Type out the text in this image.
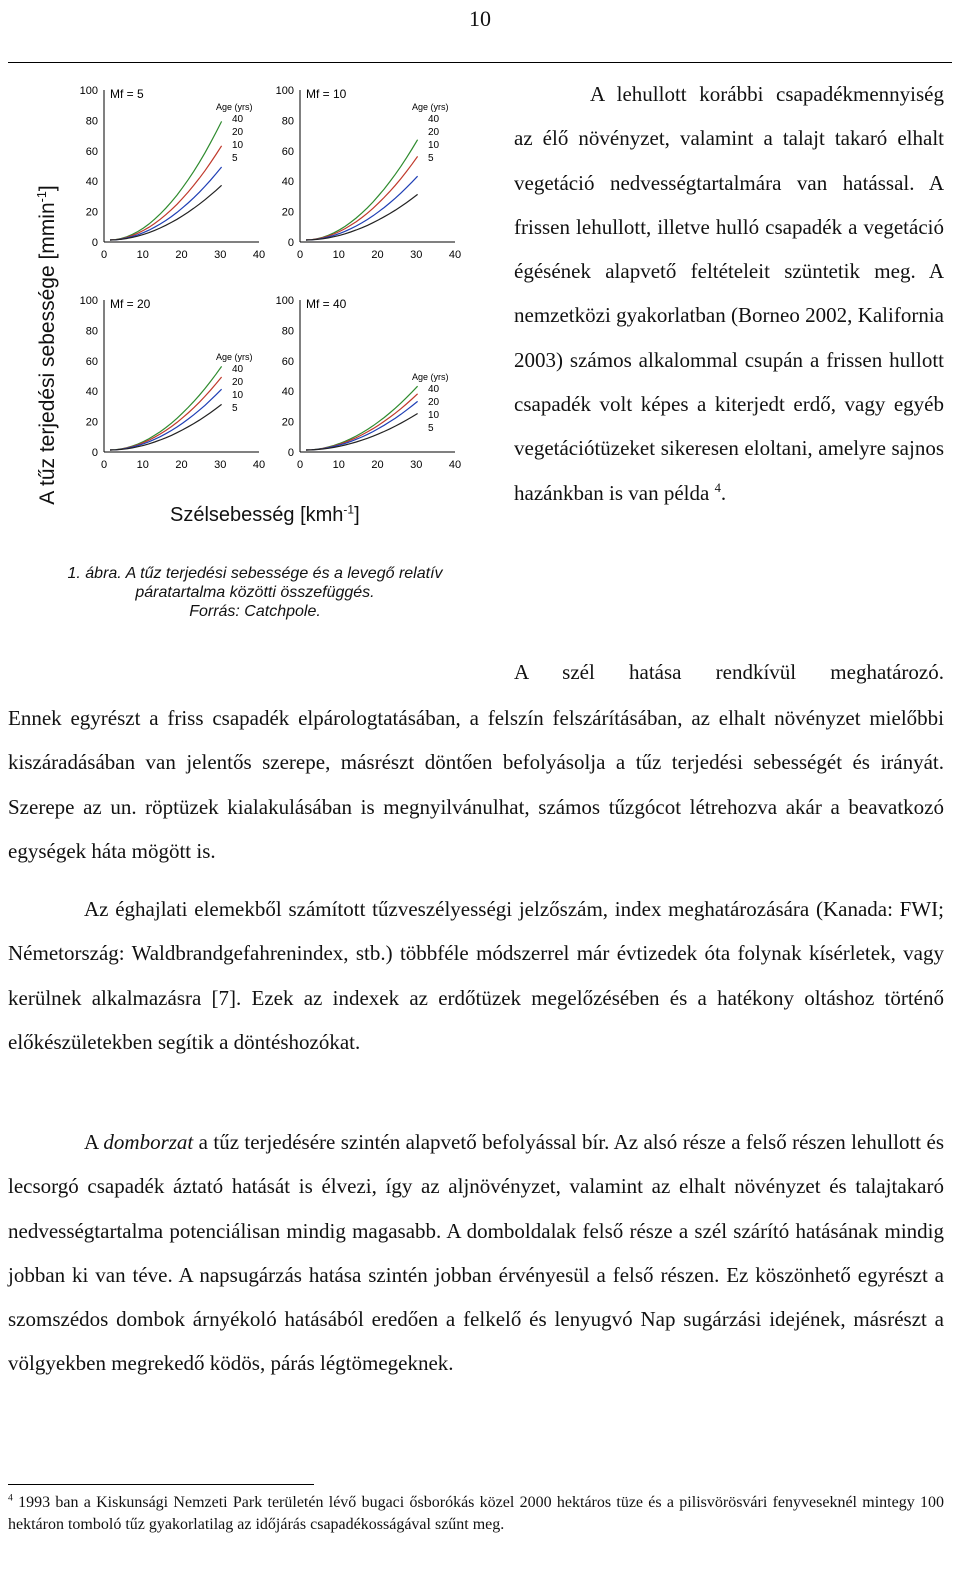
10
A tűz terjedési sebessége [mmin$^{-1}$]
100
80
60
40
20
0
0	10 20 30 40
Mf = 5
Age (yrs)
40
20
10
5
100
80
60
40
20
0
0	10 20 30 40
Mf = 10
Age (yrs)
40
20
10
5
100
80
60
40
20
0
0	10 20 30 40
Mf = 20
Age (yrs)
40
20
10
5
100
80
60
40
20
0
0	10 20 30 40
Mf = 40
Age (yrs)
40
20
10
5
Szélsebesség [kmh$^{-1}$]
1. ábra. A tűz terjedési sebessége és a levegő relatív
páratartalma közötti összefüggés.
Forrás: Catchpole.
A lehullott korábbi csapadékmennyiség az élő növényzet, valamint a talajt takaró elhalt vegetáció nedvességtartalmára van hatással. A frissen lehullott, illetve hulló csapadék a vegetáció égésének alapvető feltételeit szüntetik meg. A nemzetközi gyakorlatban (Borneo 2002, Kalifornia 2003) számos alkalommal csupán a frissen hullott csapadék volt képes a kiterjedt erdő, vagy egyéb vegetációtüzeket sikeresen eloltani, amelyre sajnos hazánkban is van példa $^4$.
A szél hatása rendkívül meghatározó.
Ennek egyrészt a friss csapadék elpárologtatásában, a felszín felszárításában, az elhalt növényzet mielőbbi kiszáradásában van jelentős szerepe, másrészt döntően befolyásolja a tűz terjedési sebességét és irányát. Szerepe az un. röptüzek kialakulásában is megnyilvánulhat, számos tűzgócot létrehozva akár a beavatkozó egységek háta mögött is.
Az éghajlati elemekből számított tűzveszélyességi jelzőszám, index meghatározására (Kanada: FWI; Németország: Waldbrandgefahrenindex, stb.) többféle módszerrel már évtizedek óta folynak kísérletek, vagy kerülnek alkalmazásra [7]. Ezek az indexek az erdőtüzek megelőzésében és a hatékony oltáshoz történő előkészületekben segítik a döntéshozókat.
A domborzat a tűz terjedésére szintén alapvető befolyással bír. Az alsó része a felső részen lehullott és lecsorgó csapadék áztató hatását is élvezi, így az aljnövényzet, valamint az elhalt növényzet és talajtakaró nedvességtartalma potenciálisan mindig magasabb. A domboldalak felső része a szél szárító hatásának mindig jobban ki van téve. A napsugárzás hatása szintén jobban érvényesül a felső részen. Ez köszönhető egyrészt a szomszédos dombok árnyékoló hatásából eredően a felkelő és lenyugvó Nap sugárzási idejének, másrészt a völgyekben megrekedő ködös, párás légtömegeknek.
$^4$ 1993 ban a Kiskunsági Nemzeti Park területén lévő bugaci ősborókás közel 2000 hektáros tüze és a pilisvörösvári fenyveseknél mintegy 100 hektáron tomboló tűz gyakorlatilag az időjárás csapadékosságával szűnt meg.
